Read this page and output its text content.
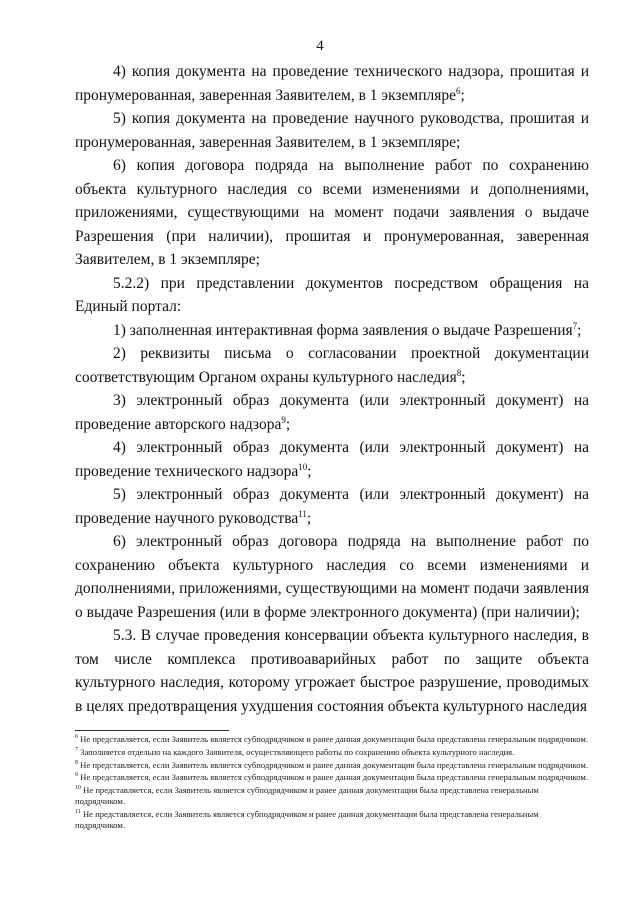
4

4) копия документа на проведение технического надзора, прошитая и пронумерованная, заверенная Заявителем, в 1 экземпляре$^6$;

5) копия документа на проведение научного руководства, прошитая и пронумерованная, заверенная Заявителем, в 1 экземпляре;

6) копия договора подряда на выполнение работ по сохранению объекта культурного наследия со всеми изменениями и дополнениями, приложениями, существующими на момент подачи заявления о выдаче Разрешения (при наличии), прошитая и пронумерованная, заверенная Заявителем, в 1 экземпляре;

5.2.2) при представлении документов посредством обращения на Единый портал:

1) заполненная интерактивная форма заявления о выдаче Разрешения$^7$;

2) реквизиты письма о согласовании проектной документации соответствующим Органом охраны культурного наследия$^8$;

3) электронный образ документа (или электронный документ) на проведение авторского надзора$^9$;

4) электронный образ документа (или электронный документ) на проведение технического надзора$^{10}$;

5) электронный образ документа (или электронный документ) на проведение научного руководства$^{11}$;

6) электронный образ договора подряда на выполнение работ по сохранению объекта культурного наследия со всеми изменениями и дополнениями, приложениями, существующими на момент подачи заявления о выдаче Разрешения (или в форме электронного документа) (при наличии);

5.3. В случае проведения консервации объекта культурного наследия, в том числе комплекса противоаварийных работ по защите объекта культурного наследия, которому угрожает быстрое разрушение, проводимых в целях предотвращения ухудшения состояния объекта культурного наследия

$^6$ Не представляется, если Заявитель является субподрядчиком и ранее данная документация была представлена генеральным подрядчиком.

$^7$ Заполняется отдельно на каждого Заявителя, осуществляющего работы по сохранению объекта культурного наследия.

$^8$ Не представляется, если Заявитель является субподрядчиком и ранее данная документация была представлена генеральным подрядчиком.

$^9$ Не представляется, если Заявитель является субподрядчиком и ранее данная документация была представлена генеральным подрядчиком.

$^{10}$ Не представляется, если Заявитель является субподрядчиком и ранее данная документация была представлена генеральным подрядчиком.

$^{11}$ Не представляется, если Заявитель является субподрядчиком и ранее данная документация была представлена генеральным подрядчиком.
